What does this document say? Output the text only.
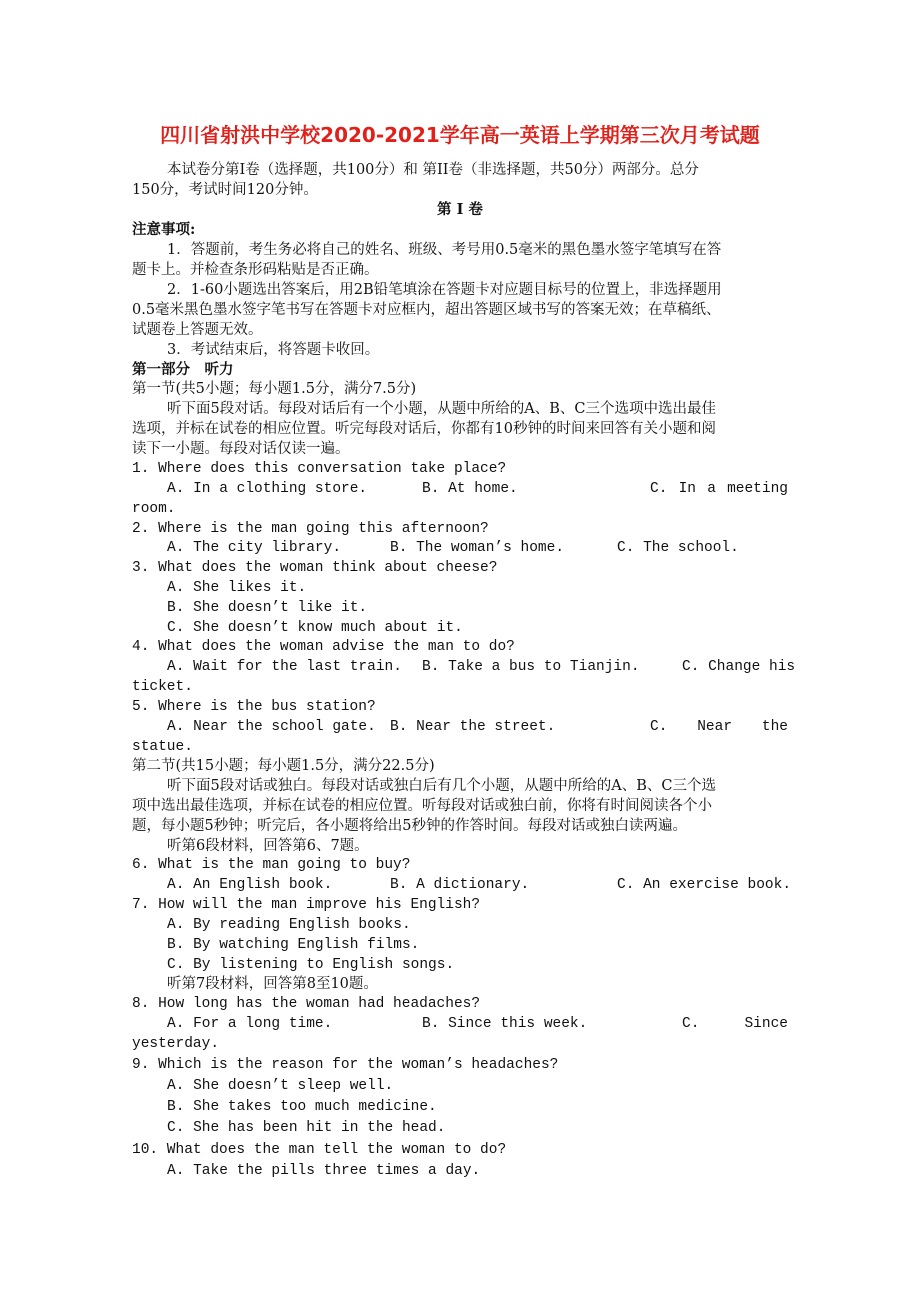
四川省射洪中学校2020-2021学年高一英语上学期第三次月考试题
本试卷分第Ⅰ卷（选择题，共100分）和 第II卷（非选择题，共50分）两部分。总分
150分，考试时间120分钟。
第 Ⅰ 卷
注意事项:
1．答题前，考生务必将自己的姓名、班级、考号用0.5毫米的黑色墨水签字笔填写在答
题卡上。并检查条形码粘贴是否正确。
2．1-60小题选出答案后，用2B铅笔填涂在答题卡对应题目标号的位置上，非选择题用
0.5毫米黑色墨水签字笔书写在答题卡对应框内，超出答题区域书写的答案无效；在草稿纸、
试题卷上答题无效。
3．考试结束后，将答题卡收回。
第一部分　听力
第一节(共5小题；每小题1.5分，满分7.5分)
听下面5段对话。每段对话后有一个小题，从题中所给的A、B、C三个选项中选出最佳
选项，并标在试卷的相应位置。听完每段对话后，你都有10秒钟的时间来回答有关小题和阅
读下一小题。每段对话仅读一遍。
1. Where does this conversation take place?
A. In a clothing store.	B. At home.	C. In a meeting
room.
2. Where is the man going this afternoon?
A. The city library.	B. The woman’s home.	C. The school.
3. What does the woman think about cheese?
A. She likes it.
B. She doesn’t like it.
C. She doesn’t know much about it.
4. What does the woman advise the man to do?
A. Wait for the last train. B. Take a bus to Tianjin.	C. Change his
ticket.
5. Where is the bus station?
A. Near the school gate. B. Near the street.	C. Near the
statue.
第二节(共15小题；每小题1.5分，满分22.5分)
听下面5段对话或独白。每段对话或独白后有几个小题，从题中所给的A、B、C三个选
项中选出最佳选项，并标在试卷的相应位置。听每段对话或独白前，你将有时间阅读各个小
题，每小题5秒钟；听完后，各小题将给出5秒钟的作答时间。每段对话或独白读两遍。
听第6段材料，回答第6、7题。
6. What is the man going to buy?
A. An English book.	B. A dictionary.	C. An exercise book.
7. How will the man improve his English?
A. By reading English books.
B. By watching English films.
C. By listening to English songs.
听第7段材料，回答第8至10题。
8. How long has the woman had headaches?
A. For a long time.	B. Since this week.	C.	Since
yesterday.
9. Which is the reason for the woman’s headaches?
A. She doesn’t sleep well.
B. She takes too much medicine.
C. She has been hit in the head.
10. What does the man tell the woman to do?
A. Take the pills three times a day.
